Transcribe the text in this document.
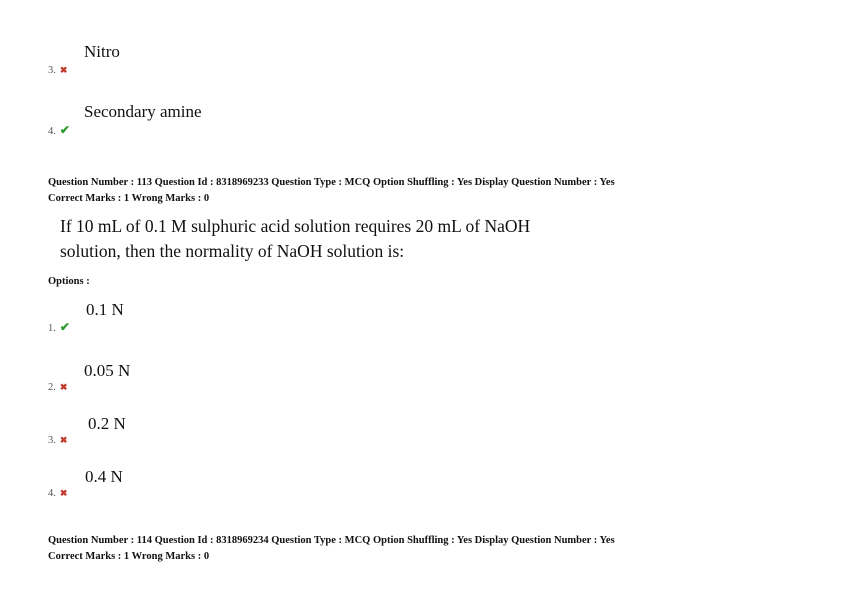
Nitro
3. ✖
Secondary amine
4. ✔
Question Number : 113 Question Id : 8318969233 Question Type : MCQ Option Shuffling : Yes Display Question Number : Yes
Correct Marks : 1 Wrong Marks : 0
If 10 mL of 0.1 M sulphuric acid solution requires 20 mL of NaOH
solution, then the normality of NaOH solution is:
Options :
0.1 N
1. ✔
0.05 N
2. ✖
0.2 N
3. ✖
0.4 N
4. ✖
Question Number : 114 Question Id : 8318969234 Question Type : MCQ Option Shuffling : Yes Display Question Number : Yes
Correct Marks : 1 Wrong Marks : 0
